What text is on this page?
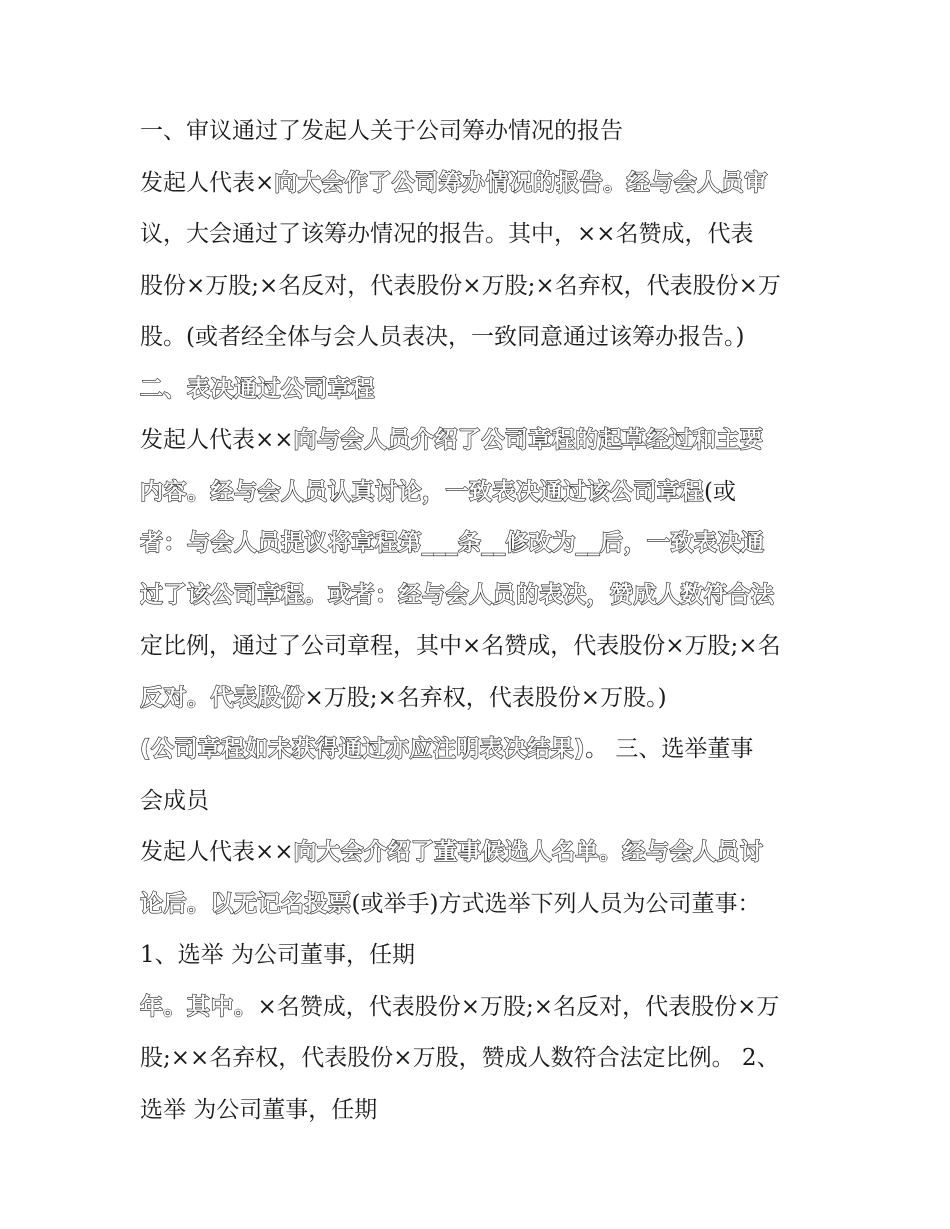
一、审议通过了发起人关于公司筹办情况的报告
发起人代表×向大会作了公司筹办情况的报告。经与会人员审
议，大会通过了该筹办情况的报告。其中，××名赞成，代表
股份×万股;×名反对，代表股份×万股;×名弃权，代表股份×万
股。(或者经全体与会人员表决，一致同意通过该筹办报告。)
二、表决通过公司章程
发起人代表××向与会人员介绍了公司章程的起草经过和主要
内容。经与会人员认真讨论，一致表决通过该公司章程(或
者：与会人员提议将章程第___条__修改为__后，一致表决通
过了该公司章程。或者：经与会人员的表决，赞成人数符合法
定比例，通过了公司章程，其中×名赞成，代表股份×万股;×名
反对。代表股份×万股;×名弃权，代表股份×万股。)
(公司章程如未获得通过亦应注明表决结果)。 三、选举董事
会成员
发起人代表××向大会介绍了董事候选人名单。经与会人员讨
论后。以无记名投票(或举手)方式选举下列人员为公司董事：
1、选举 为公司董事，任期
年。其中。×名赞成，代表股份×万股;×名反对，代表股份×万
股;××名弃权，代表股份×万股，赞成人数符合法定比例。 2、
选举 为公司董事，任期
